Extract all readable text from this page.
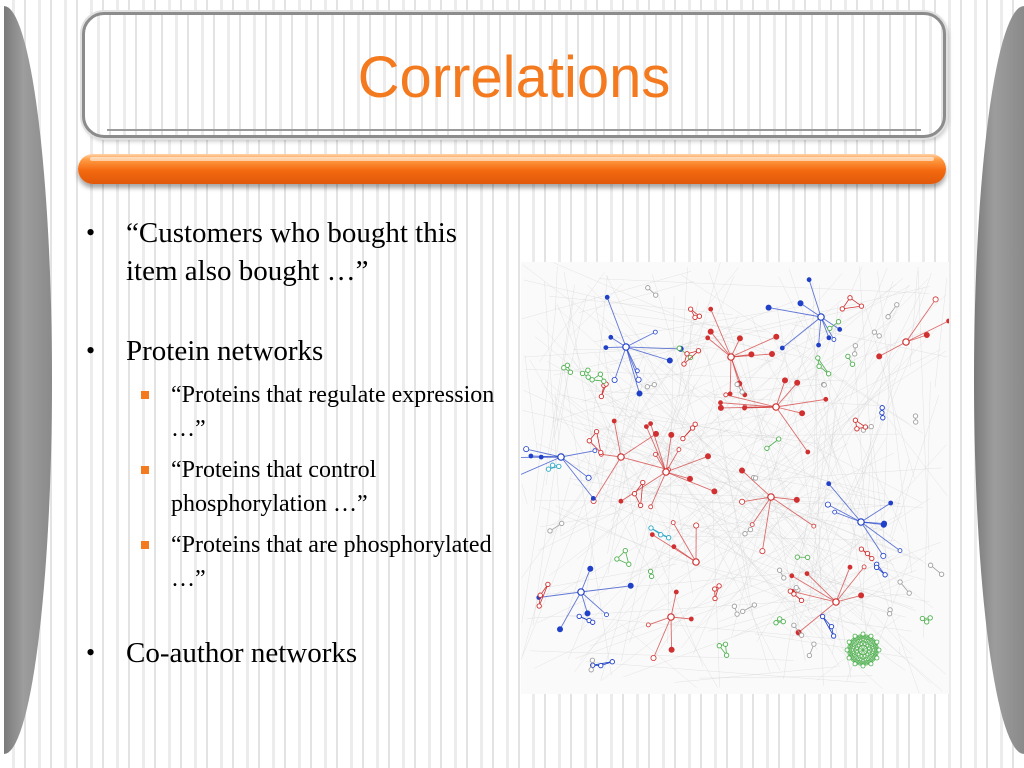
Correlations
• “Customers who bought this item also bought …”
• Protein networks
“Proteins that regulate expression …”
“Proteins that control phosphorylation …”
“Proteins that are phosphorylated …”
• Co-author networks
